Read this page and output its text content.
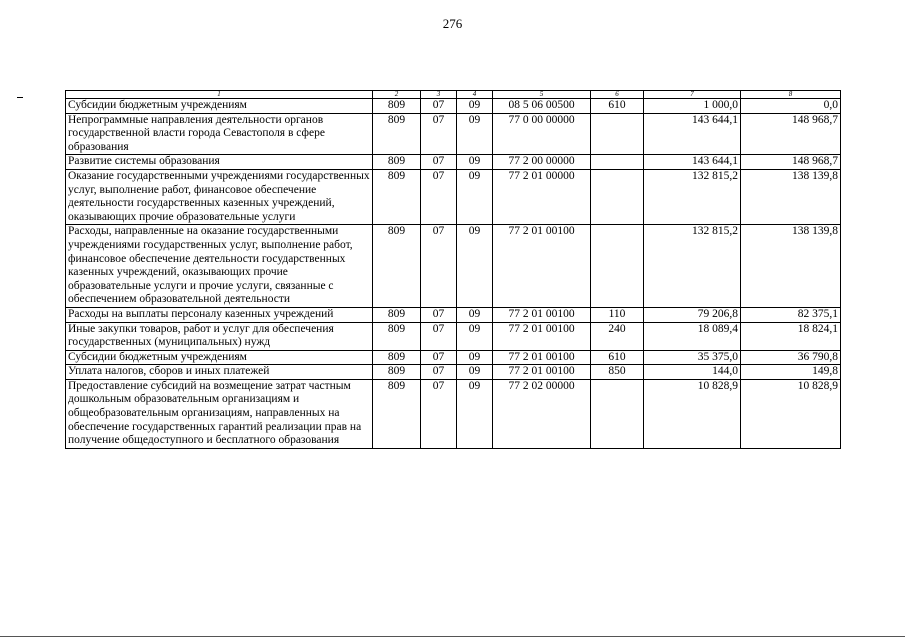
276
1	2	3	4	5	6	7	8
Субсидии бюджетным учреждениям	809	07	09	08 5 06 00500	610	1 000,0	0,0
Непрограммные направления деятельности органов государственной власти города Севастополя в сфере образования	809	07	09	77 0 00 00000		143 644,1	148 968,7
Развитие системы образования	809	07	09	77 2 00 00000		143 644,1	148 968,7
Оказание государственными учреждениями государственных услуг, выполнение работ, финансовое обеспечение деятельности государственных казенных учреждений, оказывающих прочие образовательные услуги	809	07	09	77 2 01 00000		132 815,2	138 139,8
Расходы, направленные на оказание государственными учреждениями государственных услуг, выполнение работ, финансовое обеспечение деятельности государственных казенных учреждений, оказывающих прочие образовательные услуги и прочие услуги, связанные с обеспечением образовательной деятельности	809	07	09	77 2 01 00100		132 815,2	138 139,8
Расходы на выплаты персоналу казенных учреждений	809	07	09	77 2 01 00100	110	79 206,8	82 375,1
Иные закупки товаров, работ и услуг для обеспечения государственных (муниципальных) нужд	809	07	09	77 2 01 00100	240	18 089,4	18 824,1
Субсидии бюджетным учреждениям	809	07	09	77 2 01 00100	610	35 375,0	36 790,8
Уплата налогов, сборов и иных платежей	809	07	09	77 2 01 00100	850	144,0	149,8
Предоставление субсидий на возмещение затрат частным дошкольным образовательным организациям и общеобразовательным организациям, направленных на обеспечение государственных гарантий реализации прав на получение общедоступного и бесплатного образования	809	07	09	77 2 02 00000		10 828,9	10 828,9
